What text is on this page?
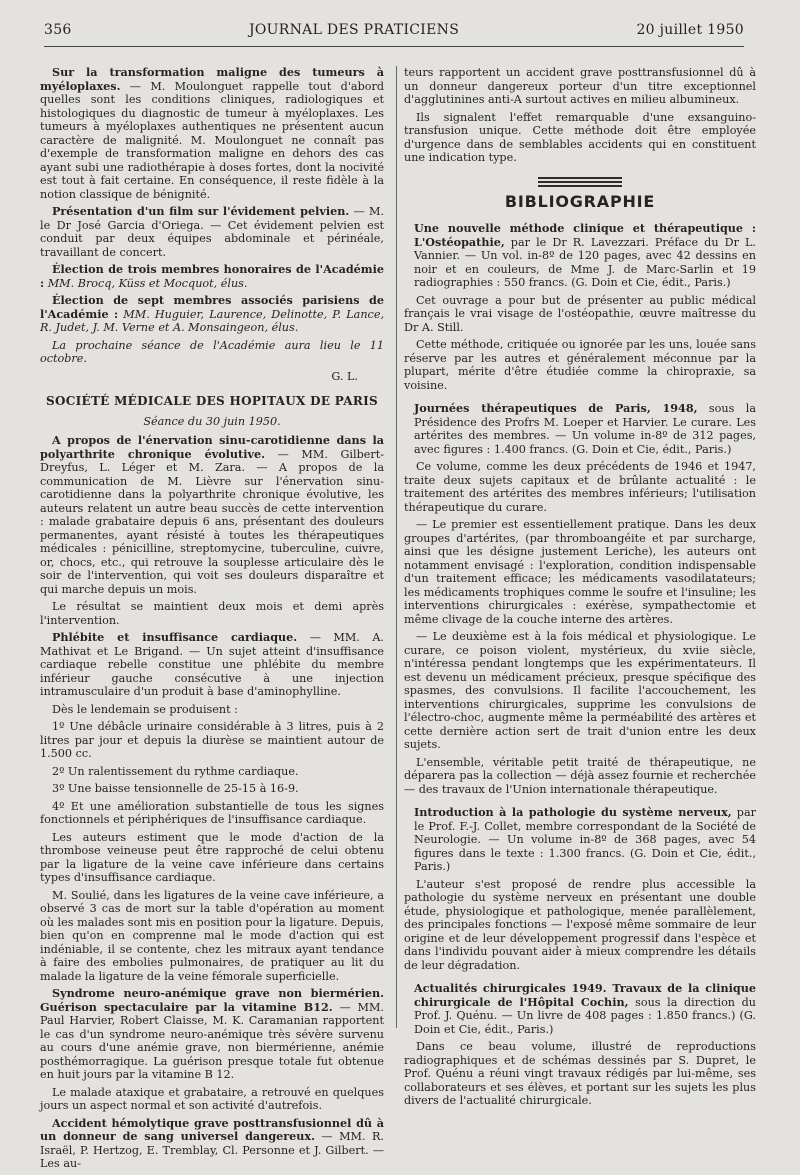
356	JOURNAL DES PRATICIENS	20 juillet 1950

Sur la transformation maligne des tumeurs à myéloplaxes. — M. Moulonguet rappelle tout d'abord quelles sont les conditions cliniques, radiologiques et histologiques du diagnostic de tumeur à myéloplaxes. Les tumeurs à myéloplaxes authentiques ne présentent aucun caractère de malignité. M. Moulonguet ne connaît pas d'exemple de transformation maligne en dehors des cas ayant subi une radiothérapie à doses fortes, dont la nocivité est tout à fait certaine. En conséquence, il reste fidèle à la notion classique de bénignité.

Présentation d'un film sur l'évidement pelvien. — M. le Dr José Garcia d'Oriega. — Cet évidement pelvien est conduit par deux équipes abdominale et périnéale, travaillant de concert.

Élection de trois membres honoraires de l'Académie : MM. Brocq, Küss et Mocquot, élus.

Élection de sept membres associés parisiens de l'Académie : MM. Huguier, Laurence, Delinotte, P. Lance, R. Judet, J. M. Verne et A. Monsaingeon, élus.

La prochaine séance de l'Académie aura lieu le 11 octobre.

G. L.

SOCIÉTÉ MÉDICALE DES HOPITAUX DE PARIS
Séance du 30 juin 1950.

A propos de l'énervation sinu-carotidienne dans la polyarthrite chronique évolutive. — MM. Gilbert-Dreyfus, L. Léger et M. Zara. — A propos de la communication de M. Lièvre sur l'énervation sinu-carotidienne dans la polyarthrite chronique évolutive, les auteurs relatent un autre beau succès de cette intervention : malade grabataire depuis 6 ans, présentant des douleurs permanentes, ayant résisté à toutes les thérapeutiques médicales : pénicilline, streptomycine, tuberculine, cuivre, or, chocs, etc., qui retrouve la souplesse articulaire dès le soir de l'intervention, qui voit ses douleurs disparaître et qui marche depuis un mois.

Le résultat se maintient deux mois et demi après l'intervention.

Phlébite et insuffisance cardiaque. — MM. A. Mathivat et Le Brigand. — Un sujet atteint d'insuffisance cardiaque rebelle constitue une phlébite du membre inférieur gauche consécutive à une injection intramusculaire d'un produit à base d'aminophylline.

Dès le lendemain se produisent :

1º Une débâcle urinaire considérable à 3 litres, puis à 2 litres par jour et depuis la diurèse se maintient autour de 1.500 cc.

2º Un ralentissement du rythme cardiaque.

3º Une baisse tensionnelle de 25-15 à 16-9.

4º Et une amélioration substantielle de tous les signes fonctionnels et périphériques de l'insuffisance cardiaque.

Les auteurs estiment que le mode d'action de la thrombose veineuse peut être rapproché de celui obtenu par la ligature de la veine cave inférieure dans certains types d'insuffisance cardiaque.

M. Soulié, dans les ligatures de la veine cave inférieure, a observé 3 cas de mort sur la table d'opération au moment où les malades sont mis en position pour la ligature. Depuis, bien qu'on en comprenne mal le mode d'action qui est indéniable, il se contente, chez les mitraux ayant tendance à faire des embolies pulmonaires, de pratiquer au lit du malade la ligature de la veine fémorale superficielle.

Syndrome neuro-anémique grave non biermérien. Guérison spectaculaire par la vitamine B12. — MM. Paul Harvier, Robert Claisse, M. K. Caramanian rapportent le cas d'un syndrome neuro-anémique très sévère survenu au cours d'une anémie grave, non biermérienne, anémie posthémorragique. La guérison presque totale fut obtenue en huit jours par la vitamine B 12.

Le malade ataxique et grabataire, a retrouvé en quelques jours un aspect normal et son activité d'autrefois.

Accident hémolytique grave posttransfusionnel dû à un donneur de sang universel dangereux. — MM. R. Israël, P. Hertzog, E. Tremblay, Cl. Personne et J. Gilbert. — Les au-

teurs rapportent un accident grave posttransfusionnel dû à un donneur dangereux porteur d'un titre exceptionnel d'agglutinines anti-A surtout actives en milieu albumineux.

Ils signalent l'effet remarquable d'une exsanguino-transfusion unique. Cette méthode doit être employée d'urgence dans de semblables accidents qui en constituent une indication type.

BIBLIOGRAPHIE

Une nouvelle méthode clinique et thérapeutique : L'Ostéopathie, par le Dr R. Lavezzari. Préface du Dr L. Vannier. — Un vol. in-8º de 120 pages, avec 42 dessins en noir et en couleurs, de Mme J. de Marc-Sarlin et 19 radiographies : 550 francs. (G. Doin et Cie, édit., Paris.)

Cet ouvrage a pour but de présenter au public médical français le vrai visage de l'ostéopathie, œuvre maîtresse du Dr A. Still.

Cette méthode, critiquée ou ignorée par les uns, louée sans réserve par les autres et généralement méconnue par la plupart, mérite d'être étudiée comme la chiropraxie, sa voisine.

Journées thérapeutiques de Paris, 1948, sous la Présidence des Profrs M. Loeper et Harvier. Le curare. Les artérites des membres. — Un volume in-8º de 312 pages, avec figures : 1.400 francs. (G. Doin et Cie, édit., Paris.)

Ce volume, comme les deux précédents de 1946 et 1947, traite deux sujets capitaux et de brûlante actualité : le traitement des artérites des membres inférieurs; l'utilisation thérapeutique du curare.

— Le premier est essentiellement pratique. Dans les deux groupes d'artérites, (par thromboangéite et par surcharge, ainsi que les désigne justement Leriche), les auteurs ont notamment envisagé : l'exploration, condition indispensable d'un traitement efficace; les médicaments vasodilatateurs; les médicaments trophiques comme le soufre et l'insuline; les interventions chirurgicales : exérèse, sympathectomie et même clivage de la couche interne des artères.

— Le deuxième est à la fois médical et physiologique. Le curare, ce poison violent, mystérieux, du xviie siècle, n'intéressa pendant longtemps que les expérimentateurs. Il est devenu un médicament précieux, presque spécifique des spasmes, des convulsions. Il facilite l'accouchement, les interventions chirurgicales, supprime les convulsions de l'électro-choc, augmente même la perméabilité des artères et cette dernière action sert de trait d'union entre les deux sujets.

L'ensemble, véritable petit traité de thérapeutique, ne déparera pas la collection — déjà assez fournie et recherchée — des travaux de l'Union internationale thérapeutique.

Introduction à la pathologie du système nerveux, par le Prof. F.-J. Collet, membre correspondant de la Société de Neurologie. — Un volume in-8º de 368 pages, avec 54 figures dans le texte : 1.300 francs. (G. Doin et Cie, édit., Paris.)

L'auteur s'est proposé de rendre plus accessible la pathologie du système nerveux en présentant une double étude, physiologique et pathologique, menée parallèlement, des principales fonctions — l'exposé même sommaire de leur origine et de leur développement progressif dans l'espèce et dans l'individu pouvant aider à mieux comprendre les détails de leur dégradation.

Actualités chirurgicales 1949. Travaux de la clinique chirurgicale de l'Hôpital Cochin, sous la direction du Prof. J. Quénu. — Un livre de 408 pages : 1.850 francs.) (G. Doin et Cie, édit., Paris.)

Dans ce beau volume, illustré de reproductions radiographiques et de schémas dessinés par S. Dupret, le Prof. Quénu a réuni vingt travaux rédigés par lui-même, ses collaborateurs et ses élèves, et portant sur les sujets les plus divers de l'actualité chirurgicale.
